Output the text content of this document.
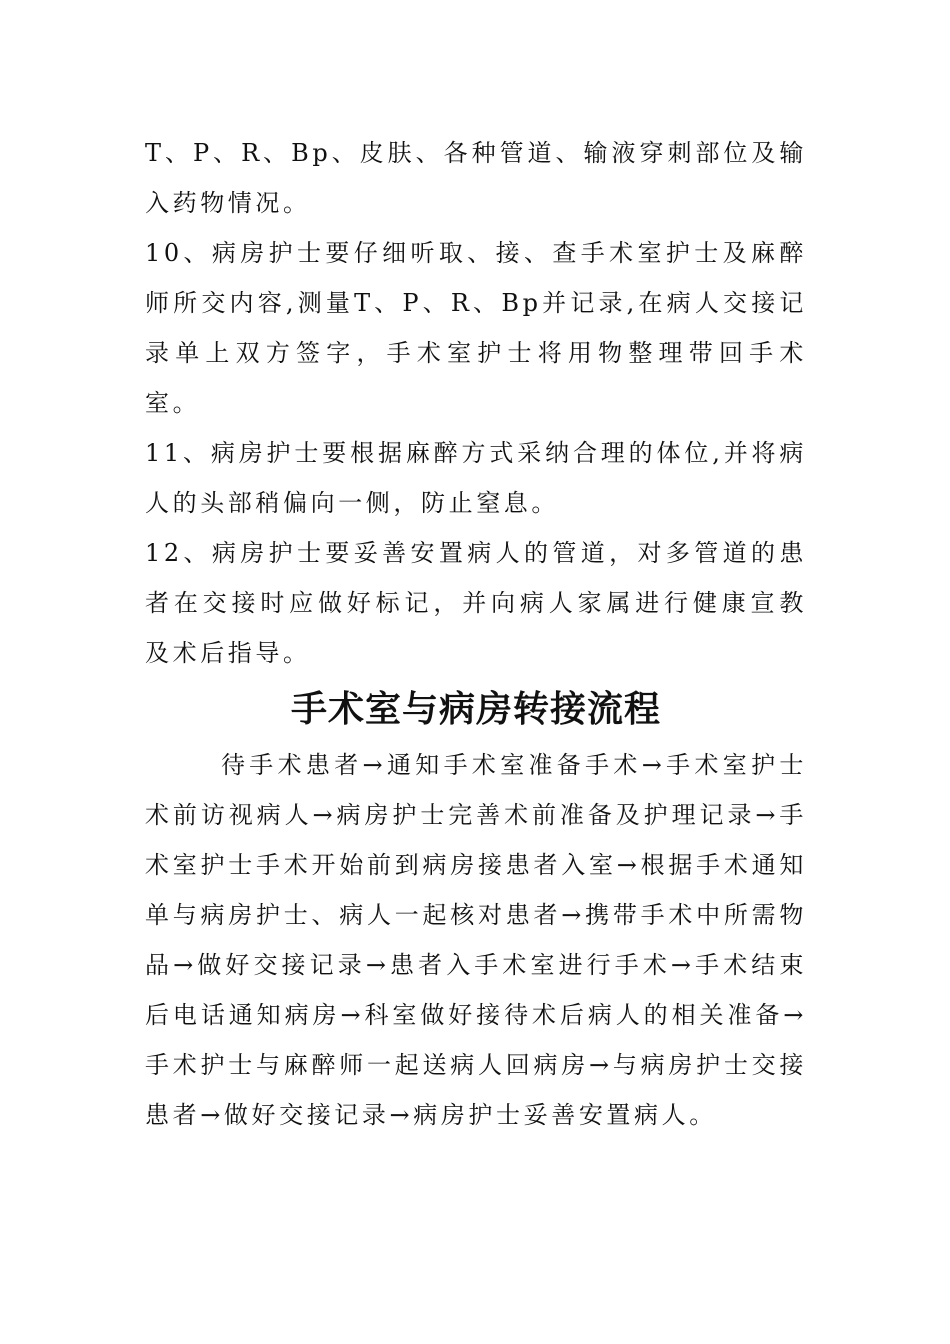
T、P、R、Bp、皮肤、各种管道、输液穿刺部位及输入药物情况。

10、病房护士要仔细听取、接、查手术室护士及麻醉师所交内容,测量T、P、R、Bp并记录,在病人交接记录单上双方签字，手术室护士将用物整理带回手术室。

11、病房护士要根据麻醉方式采纳合理的体位,并将病人的头部稍偏向一侧，防止窒息。

12、病房护士要妥善安置病人的管道，对多管道的患者在交接时应做好标记，并向病人家属进行健康宣教及术后指导。

手术室与病房转接流程

待手术患者→通知手术室准备手术→手术室护士术前访视病人→病房护士完善术前准备及护理记录→手术室护士手术开始前到病房接患者入室→根据手术通知单与病房护士、病人一起核对患者→携带手术中所需物品→做好交接记录→患者入手术室进行手术→手术结束后电话通知病房→科室做好接待术后病人的相关准备→手术护士与麻醉师一起送病人回病房→与病房护士交接患者→做好交接记录→病房护士妥善安置病人。
